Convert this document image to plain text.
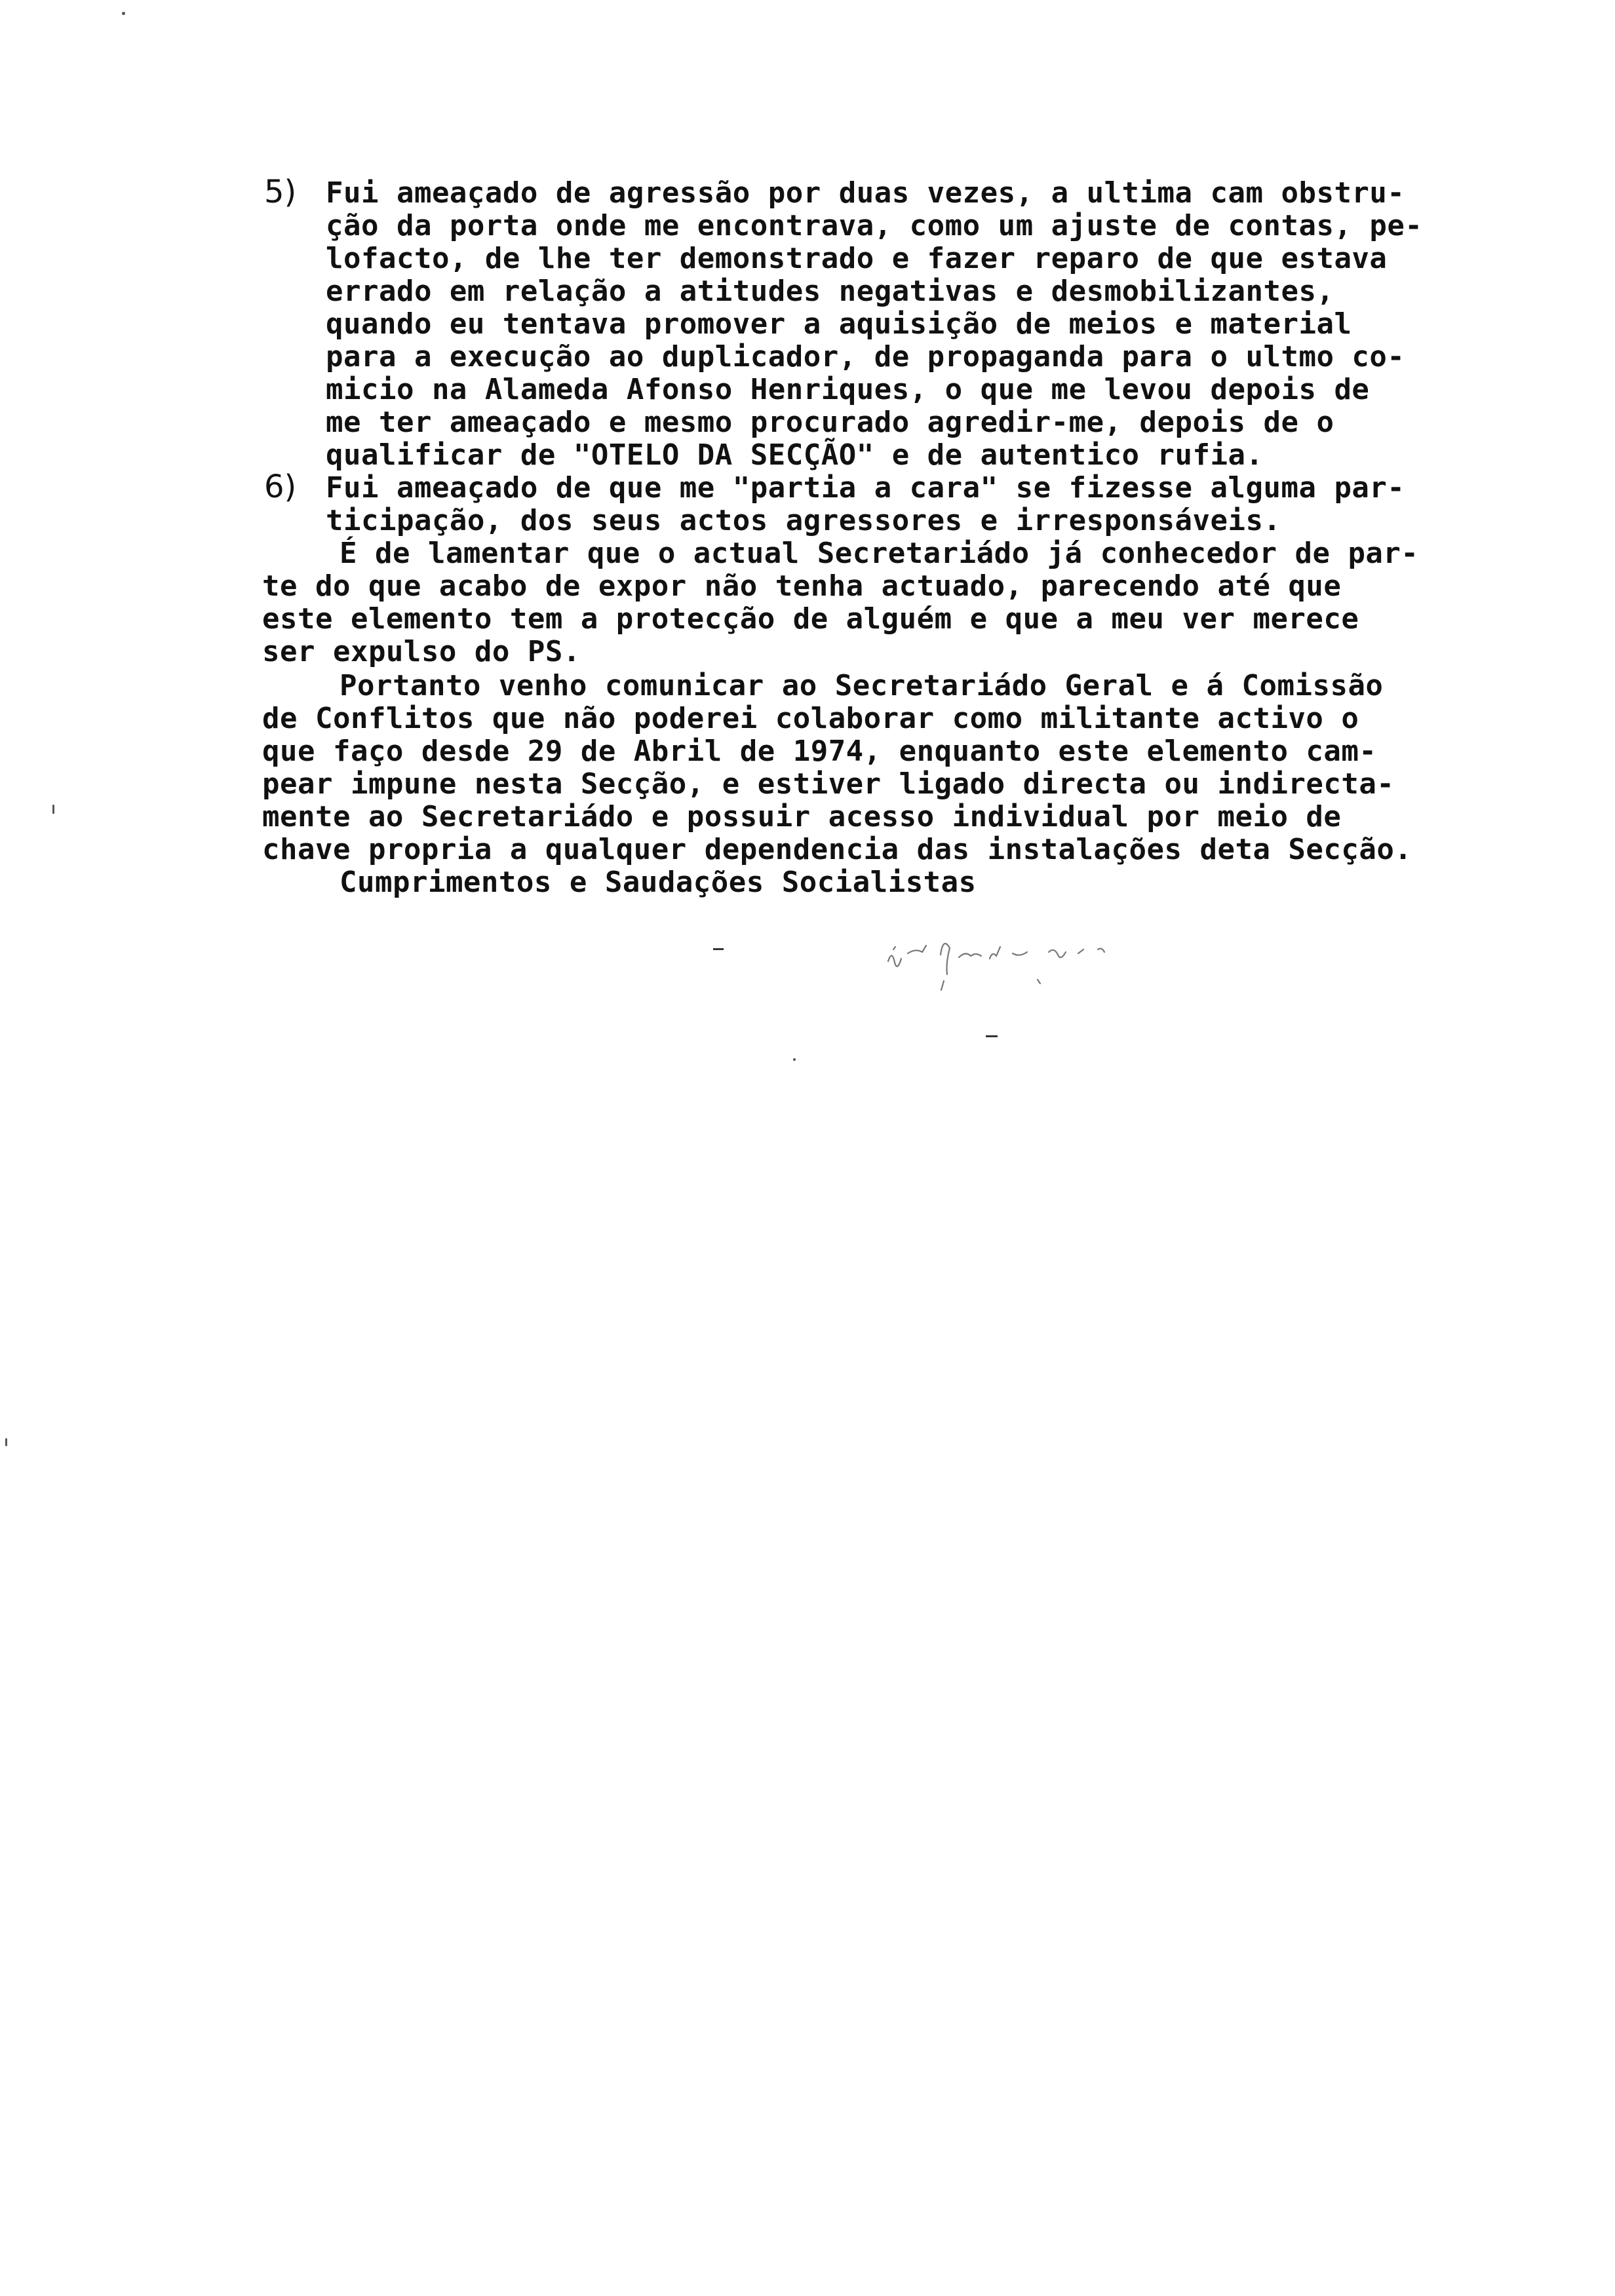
5) Fui ameaçado de agressão por duas vezes, a ultima cam obstru-
ção da porta onde me encontrava, como um ajuste de contas, pe-
lofacto, de lhe ter demonstrado e fazer reparo de que estava
errado em relação a atitudes negativas e desmobilizantes,
quando eu tentava promover a aquisição de meios e material
para a execução ao duplicador, de propaganda para o ultmo co-
micio na Alameda Afonso Henriques, o que me levou depois de
me ter ameaçado e mesmo procurado agredir-me, depois de o
qualificar de "OTELO DA SECÇÃO" e de autentico rufia.
6) Fui ameaçado de que me "partia a cara" se fizesse alguma par-
ticipação, dos seus actos agressores e irresponsáveis.
É de lamentar que o actual Secretariádo já conhecedor de par-
te do que acabo de expor não tenha actuado, parecendo até que
este elemento tem a protecção de alguém e que a meu ver merece
ser expulso do PS.
Portanto venho comunicar ao Secretariádo Geral e á Comissão
de Conflitos que não poderei colaborar como militante activo o
que faço desde 29 de Abril de 1974, enquanto este elemento cam-
pear impune nesta Secção, e estiver ligado directa ou indirecta-
mente ao Secretariádo e possuir acesso individual por meio de
chave propria a qualquer dependencia das instalações deta Secção.
Cumprimentos e Saudações Socialistas
